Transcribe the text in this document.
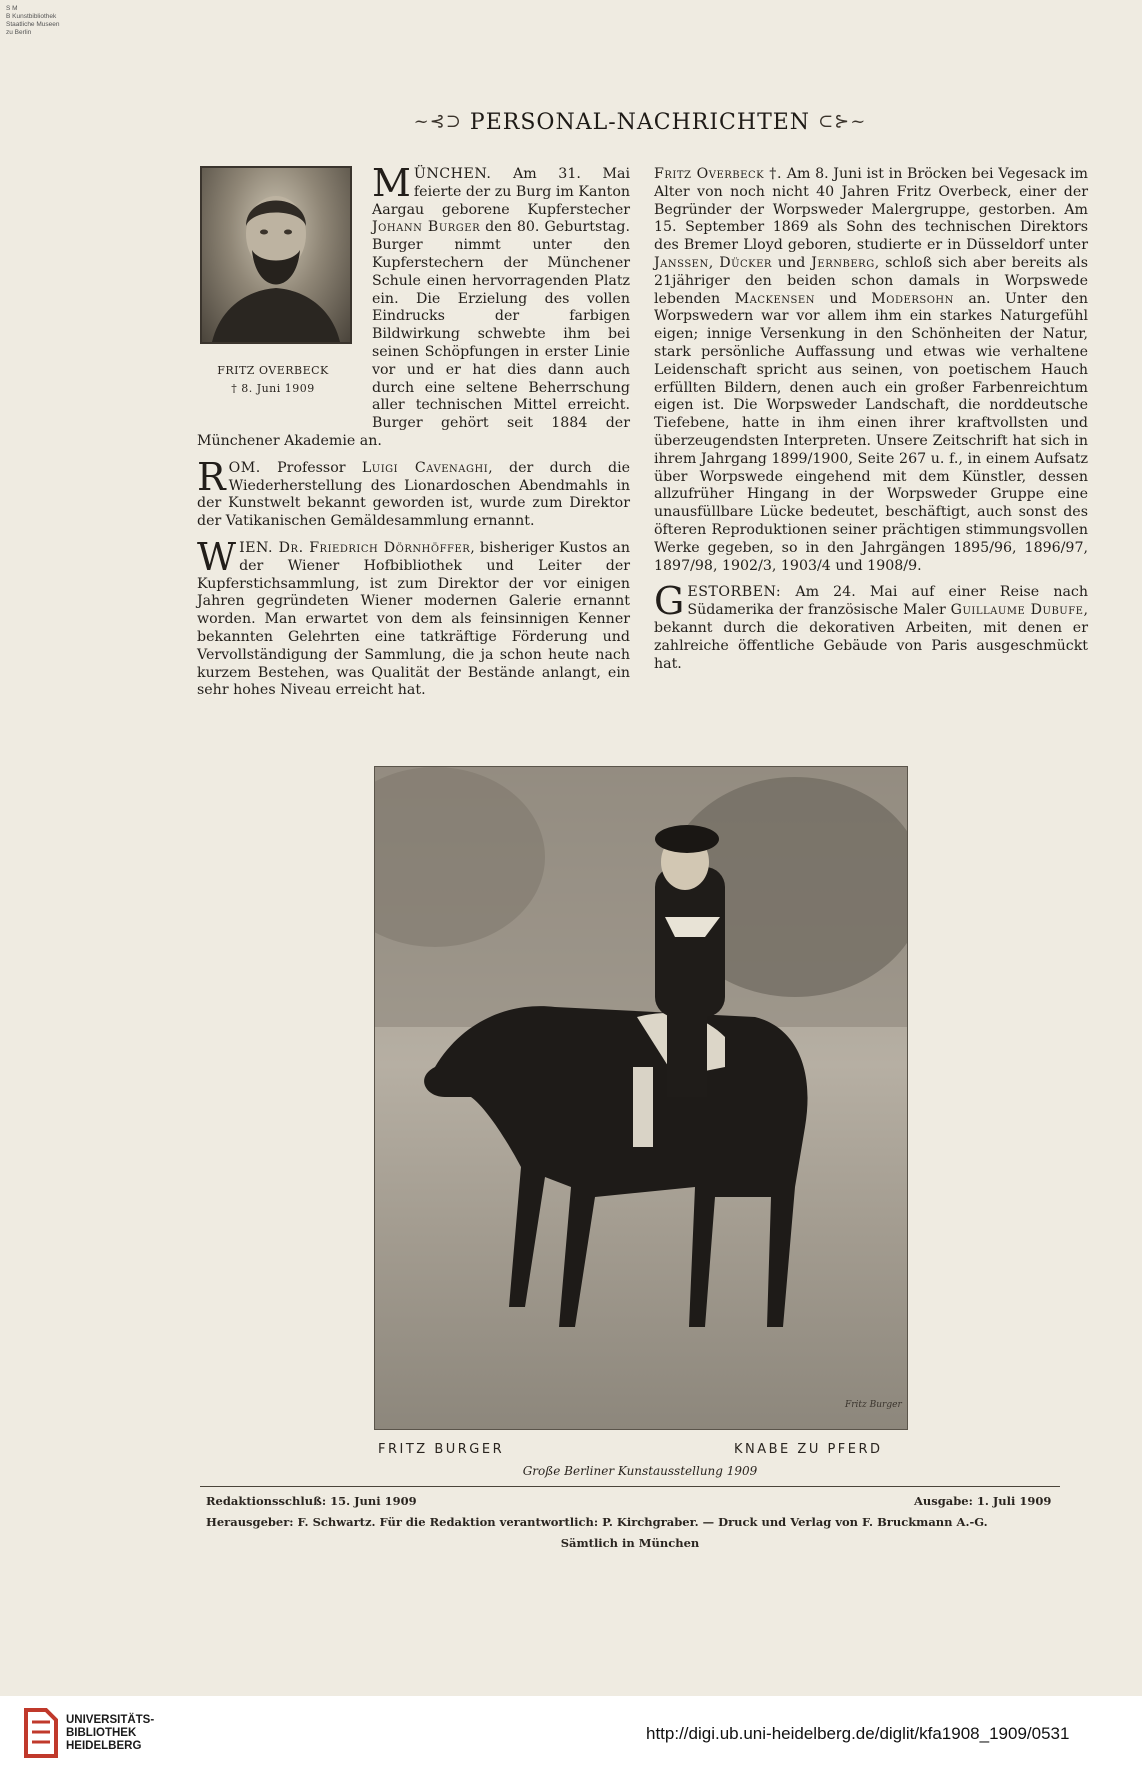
S M
B Kunstbibliothek
Staatliche Museen
zu Berlin
~⊰⊃ PERSONAL-NACHRICHTEN ⊂⊱~
FRITZ OVERBECK
† 8. Juni 1909

MÜNCHEN. Am 31. Mai feierte der zu Burg im Kanton Aargau geborene Kupferstecher Johann Burger den 80. Geburtstag. Burger nimmt unter den Kupferstechern der Münchener Schule einen hervorragenden Platz ein. Die Erzielung des vollen Eindrucks der farbigen Bildwirkung schwebte ihm bei seinen Schöpfungen in erster Linie vor und er hat dies dann auch durch eine seltene Beherrschung aller technischen Mittel erreicht. Burger gehört seit 1884 der Münchener Akademie an.

ROM. Professor Luigi Cavenaghi, der durch die Wiederherstellung des Lionardoschen Abendmahls in der Kunstwelt bekannt geworden ist, wurde zum Direktor der Vatikanischen Gemäldesammlung ernannt.

WIEN. Dr. Friedrich Dörnhöffer, bisheriger Kustos an der Wiener Hofbibliothek und Leiter der Kupferstichsammlung, ist zum Direktor der vor einigen Jahren gegründeten Wiener modernen Galerie ernannt worden. Man erwartet von dem als feinsinnigen Kenner bekannten Gelehrten eine tatkräftige Förderung und Vervollständigung der Sammlung, die ja schon heute nach kurzem Bestehen, was Qualität der Bestände anlangt, ein sehr hohes Niveau erreicht hat.

Fritz Overbeck †. Am 8. Juni ist in Bröcken bei Vegesack im Alter von noch nicht 40 Jahren Fritz Overbeck, einer der Begründer der Worpsweder Malergruppe, gestorben. Am 15. September 1869 als Sohn des technischen Direktors des Bremer Lloyd geboren, studierte er in Düsseldorf unter Janssen, Dücker und Jernberg, schloß sich aber bereits als 21jähriger den beiden schon damals in Worpswede lebenden Mackensen und Modersohn an. Unter den Worpswedern war vor allem ihm ein starkes Naturgefühl eigen; innige Versenkung in den Schönheiten der Natur, stark persönliche Auffassung und etwas wie verhaltene Leidenschaft spricht aus seinen, von poetischem Hauch erfüllten Bildern, denen auch ein großer Farbenreichtum eigen ist. Die Worpsweder Landschaft, die norddeutsche Tiefebene, hatte in ihm einen ihrer kraftvollsten und überzeugendsten Interpreten. Unsere Zeitschrift hat sich in ihrem Jahrgang 1899/1900, Seite 267 u. f., in einem Aufsatz über Worpswede eingehend mit dem Künstler, dessen allzufrüher Hingang in der Worpsweder Gruppe eine unausfüllbare Lücke bedeutet, beschäftigt, auch sonst des öfteren Reproduktionen seiner prächtigen stimmungsvollen Werke gegeben, so in den Jahrgängen 1895/96, 1896/97, 1897/98, 1902/3, 1903/4 und 1908/9.

GESTORBEN: Am 24. Mai auf einer Reise nach Südamerika der französische Maler Guillaume Dubufe, bekannt durch die dekorativen Arbeiten, mit denen er zahlreiche öffentliche Gebäude von Paris ausgeschmückt hat.

Fritz Burger
FRITZ BURGER	KNABE ZU PFERD
Große Berliner Kunstausstellung 1909
Redaktionsschluß: 15. Juni 1909	Ausgabe: 1. Juli 1909
Herausgeber: F. Schwartz. Für die Redaktion verantwortlich: P. Kirchgraber. — Druck und Verlag von F. Bruckmann A.-G.
Sämtlich in München
UNIVERSITÄTS-
BIBLIOTHEK
HEIDELBERG
http://digi.ub.uni-heidelberg.de/diglit/kfa1908_1909/0531
